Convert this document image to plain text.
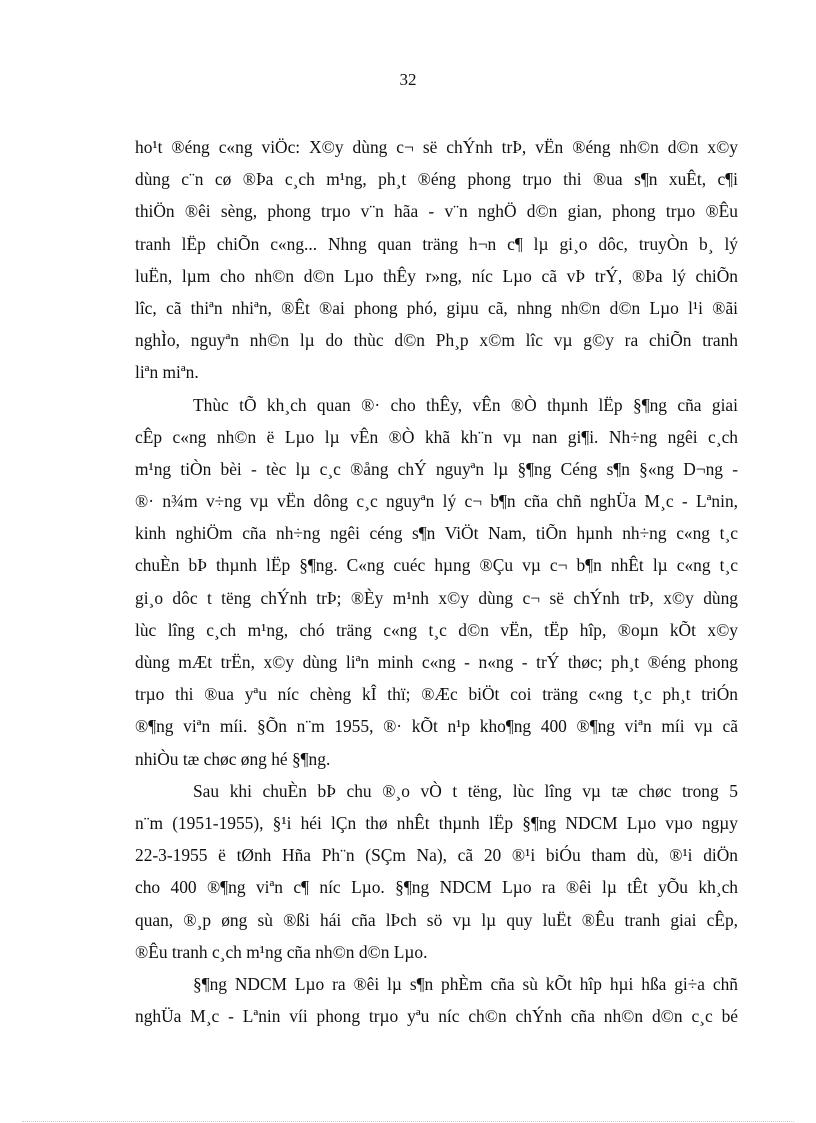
32
ho¹t ®éng c«ng viÖc: X©y dùng c¬ së chÝnh trÞ, vËn ®éng nh©n d©n x©y
dùng c¨n cø ®Þa c¸ch m¹ng, ph¸t ®éng phong trµo thi ®ua s¶n xuÊt, c¶i
thiÖn ®êi sèng, phong trµo v¨n hãa - v¨n nghÖ d©n gian, phong trµo ®Êu
tranh lËp chiÕn c«ng... Nhng quan träng h¬n c¶ lµ gi¸o dôc, truyÒn b¸ lý
luËn, lµm cho nh©n d©n Lµo thÊy r»ng, níc Lµo cã vÞ trÝ, ®Þa lý chiÕn
lîc, cã thiªn nhiªn, ®Êt ®ai phong phó, giµu cã, nhng nh©n d©n Lµo l¹i ®ãi
nghÌo, nguyªn nh©n lµ do thùc d©n Ph¸p x©m lîc vµ g©y ra chiÕn tranh
liªn miªn.
Thùc tÕ kh¸ch quan ®· cho thÊy, vÊn ®Ò thµnh lËp §¶ng cña giai
cÊp c«ng nh©n ë Lµo lµ vÊn ®Ò khã kh¨n vµ nan gi¶i. Nh÷ng ngêi c¸ch
m¹ng tiÒn bèi - tèc lµ c¸c ®ång chÝ nguyªn lµ §¶ng Céng s¶n §«ng D¬ng -
®· n¾m v÷ng vµ vËn dông c¸c nguyªn lý c¬ b¶n cña chñ nghÜa M¸c - Lªnin,
kinh nghiÖm cña nh÷ng ngêi céng s¶n ViÖt Nam, tiÕn hµnh nh÷ng c«ng t¸c
chuÈn bÞ thµnh lËp §¶ng. C«ng cuéc hµng ®Çu vµ c¬ b¶n nhÊt lµ c«ng t¸c
gi¸o dôc t tëng chÝnh trÞ; ®Èy m¹nh x©y dùng c¬ së chÝnh trÞ, x©y dùng
lùc lîng c¸ch m¹ng, chó träng c«ng t¸c d©n vËn, tËp hîp, ®oµn kÕt x©y
dùng mÆt trËn, x©y dùng liªn minh c«ng - n«ng - trÝ thøc; ph¸t ®éng phong
trµo thi ®ua yªu níc chèng kÎ thï; ®Æc biÖt coi träng c«ng t¸c ph¸t triÓn
®¶ng viªn míi. §Õn n¨m 1955, ®· kÕt n¹p kho¶ng 400 ®¶ng viªn míi vµ cã
nhiÒu tæ chøc øng hé §¶ng.
Sau khi chuÈn bÞ chu ®¸o vÒ t tëng, lùc lîng vµ tæ chøc trong 5
n¨m (1951-1955), §¹i héi lÇn thø nhÊt thµnh lËp §¶ng NDCM Lµo vµo ngµy
22-3-1955 ë tØnh Hña Ph¨n (SÇm Na), cã 20 ®¹i biÓu tham dù, ®¹i diÖn
cho 400 ®¶ng viªn c¶ níc Lµo. §¶ng NDCM Lµo ra ®êi lµ tÊt yÕu kh¸ch
quan, ®¸p øng sù ®ßi hái cña lÞch sö vµ lµ quy luËt ®Êu tranh giai cÊp,
®Êu tranh c¸ch m¹ng cña nh©n d©n Lµo.
§¶ng NDCM Lµo ra ®êi lµ s¶n phÈm cña sù kÕt hîp hµi hßa gi÷a chñ
nghÜa M¸c - Lªnin víi phong trµo yªu níc ch©n chÝnh cña nh©n d©n c¸c bé
